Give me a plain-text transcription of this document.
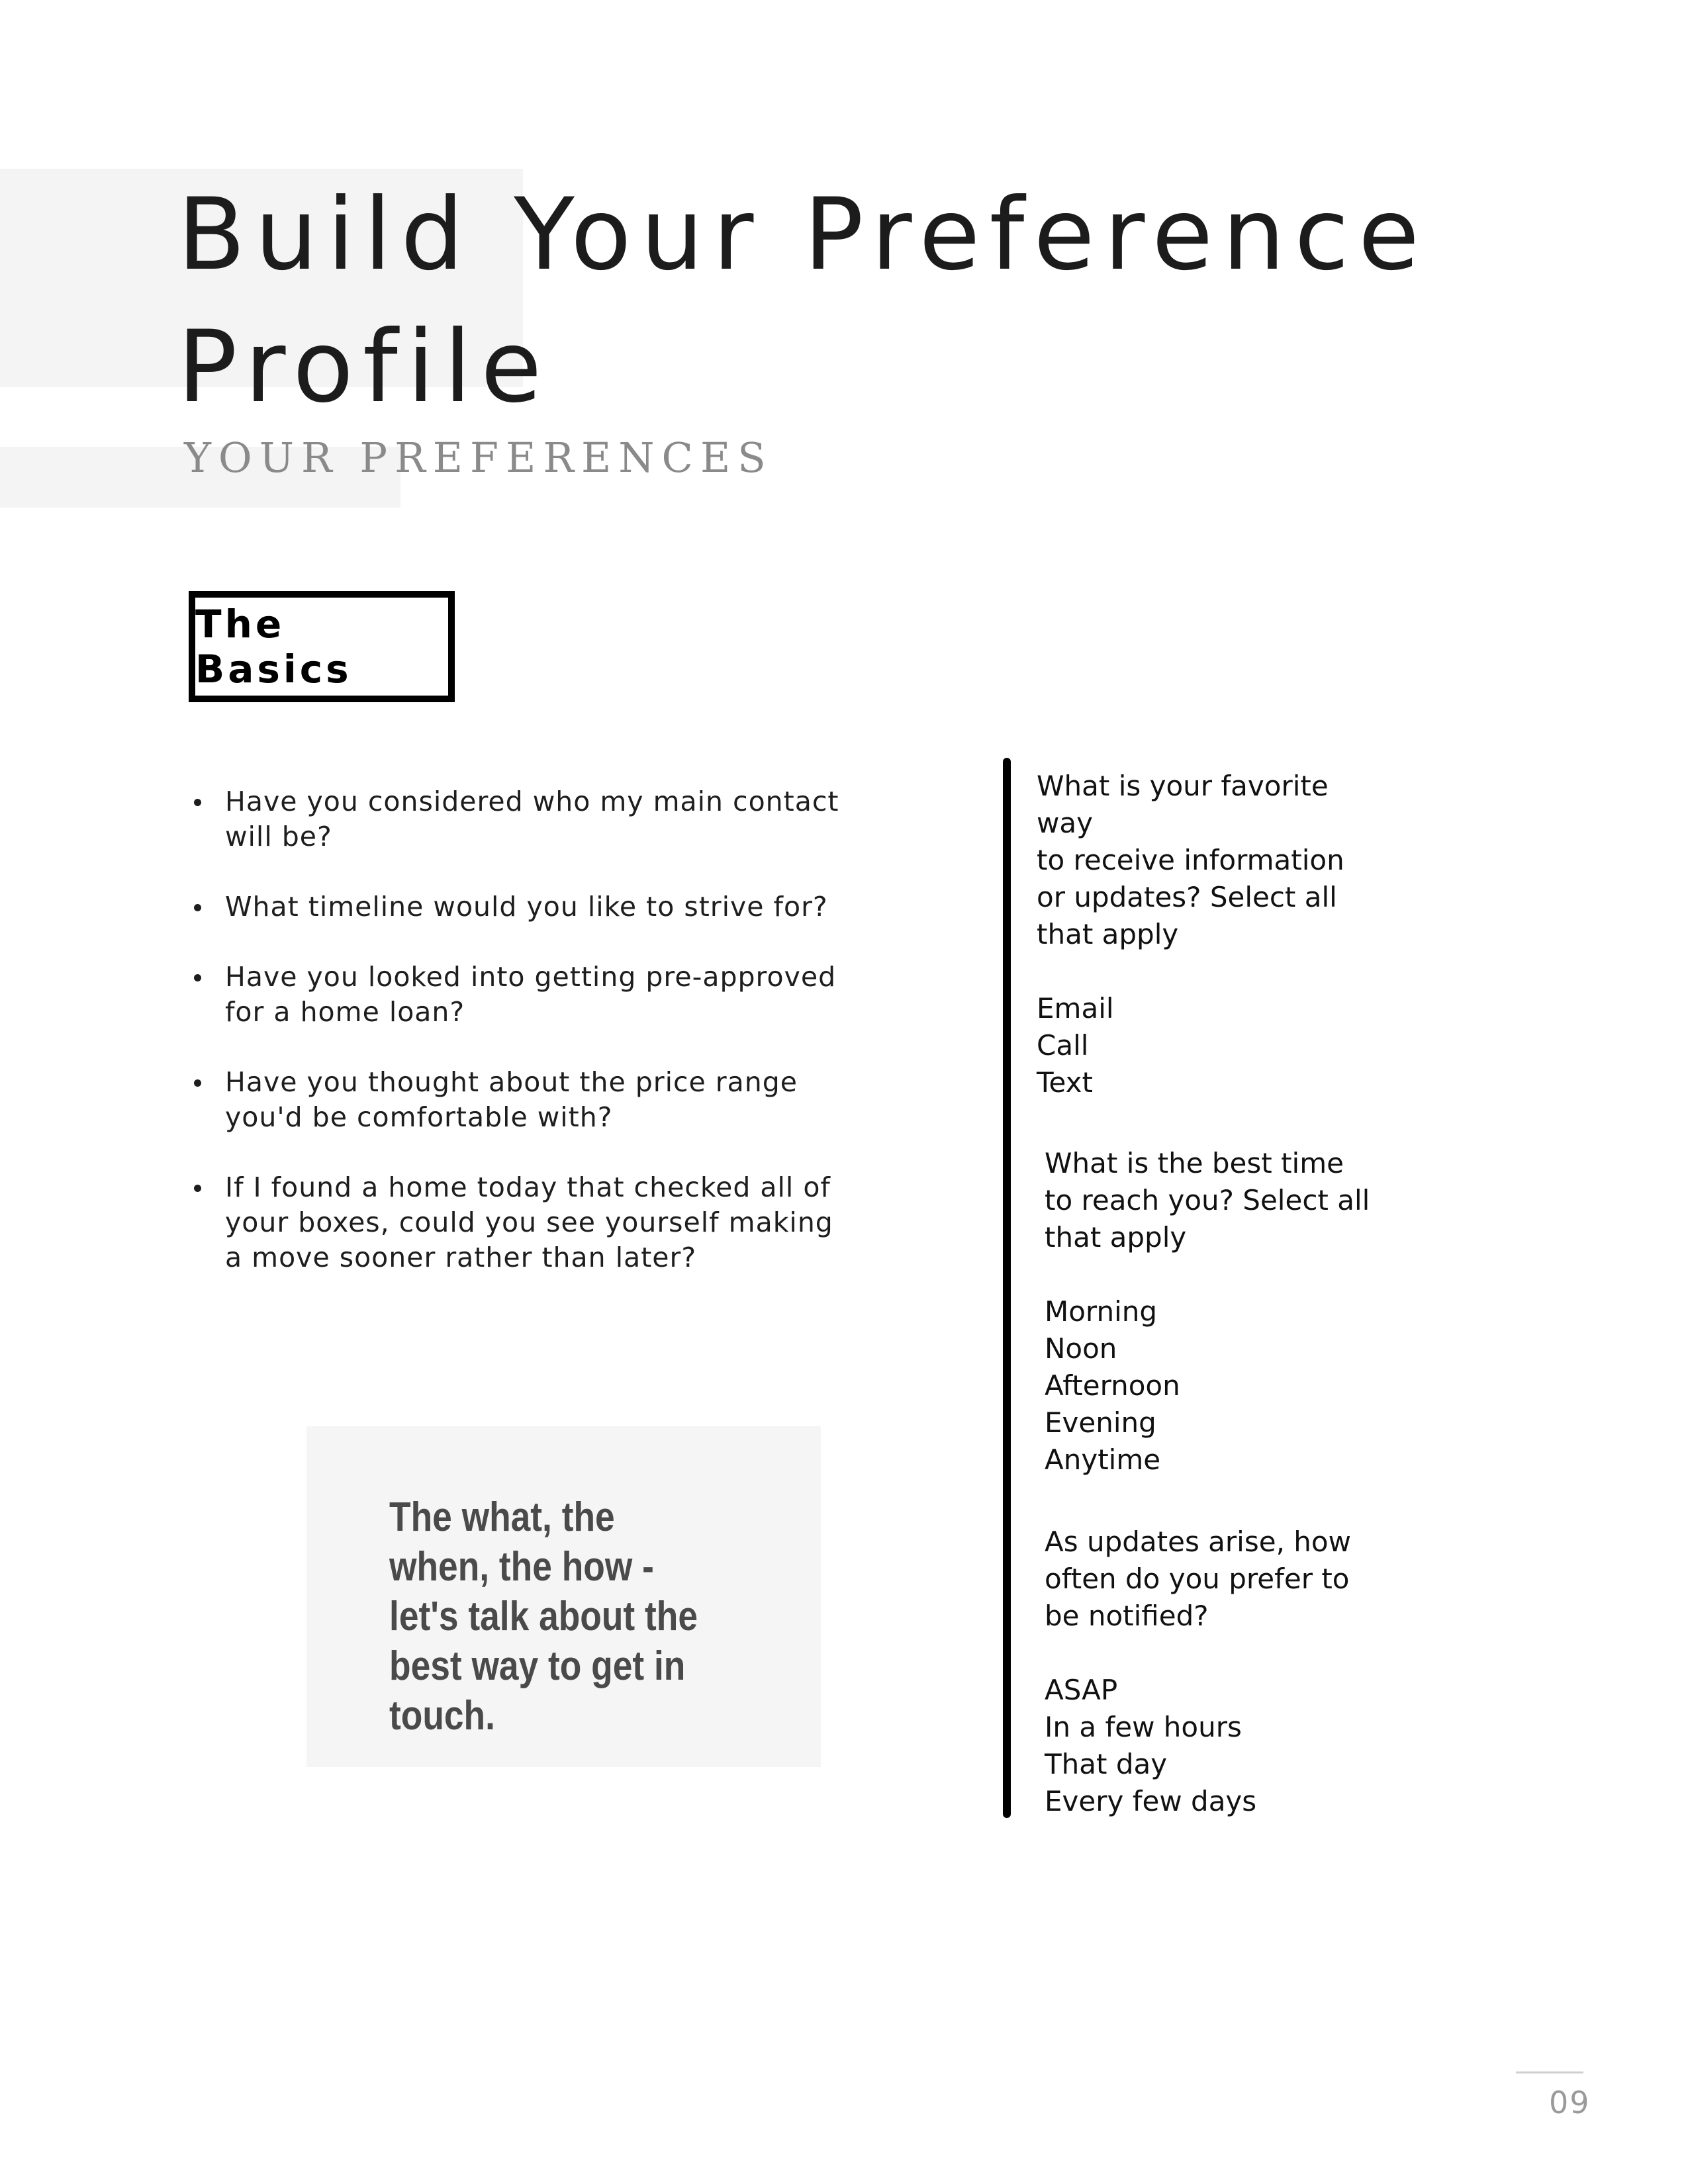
Build Your Preference
Profile
YOUR PREFERENCES
The Basics
Have you considered who my main contact will be?
What timeline would you like to strive for?
Have you looked into getting pre-approved for a home loan?
Have you thought about the price range you'd be comfortable with?
If I found a home today that checked all of your boxes, could you see yourself making a move sooner rather than later?

The what, the when, the how - let's talk about the best way to get in touch.

What is your favorite
way
to receive information
or updates? Select all
that apply
Email
Call
Text
What is the best time
to reach you? Select all
that apply
Morning
Noon
Afternoon
Evening
Anytime
As updates arise, how
often do you prefer to
be notified?
ASAP
In a few hours
That day
Every few days
09
